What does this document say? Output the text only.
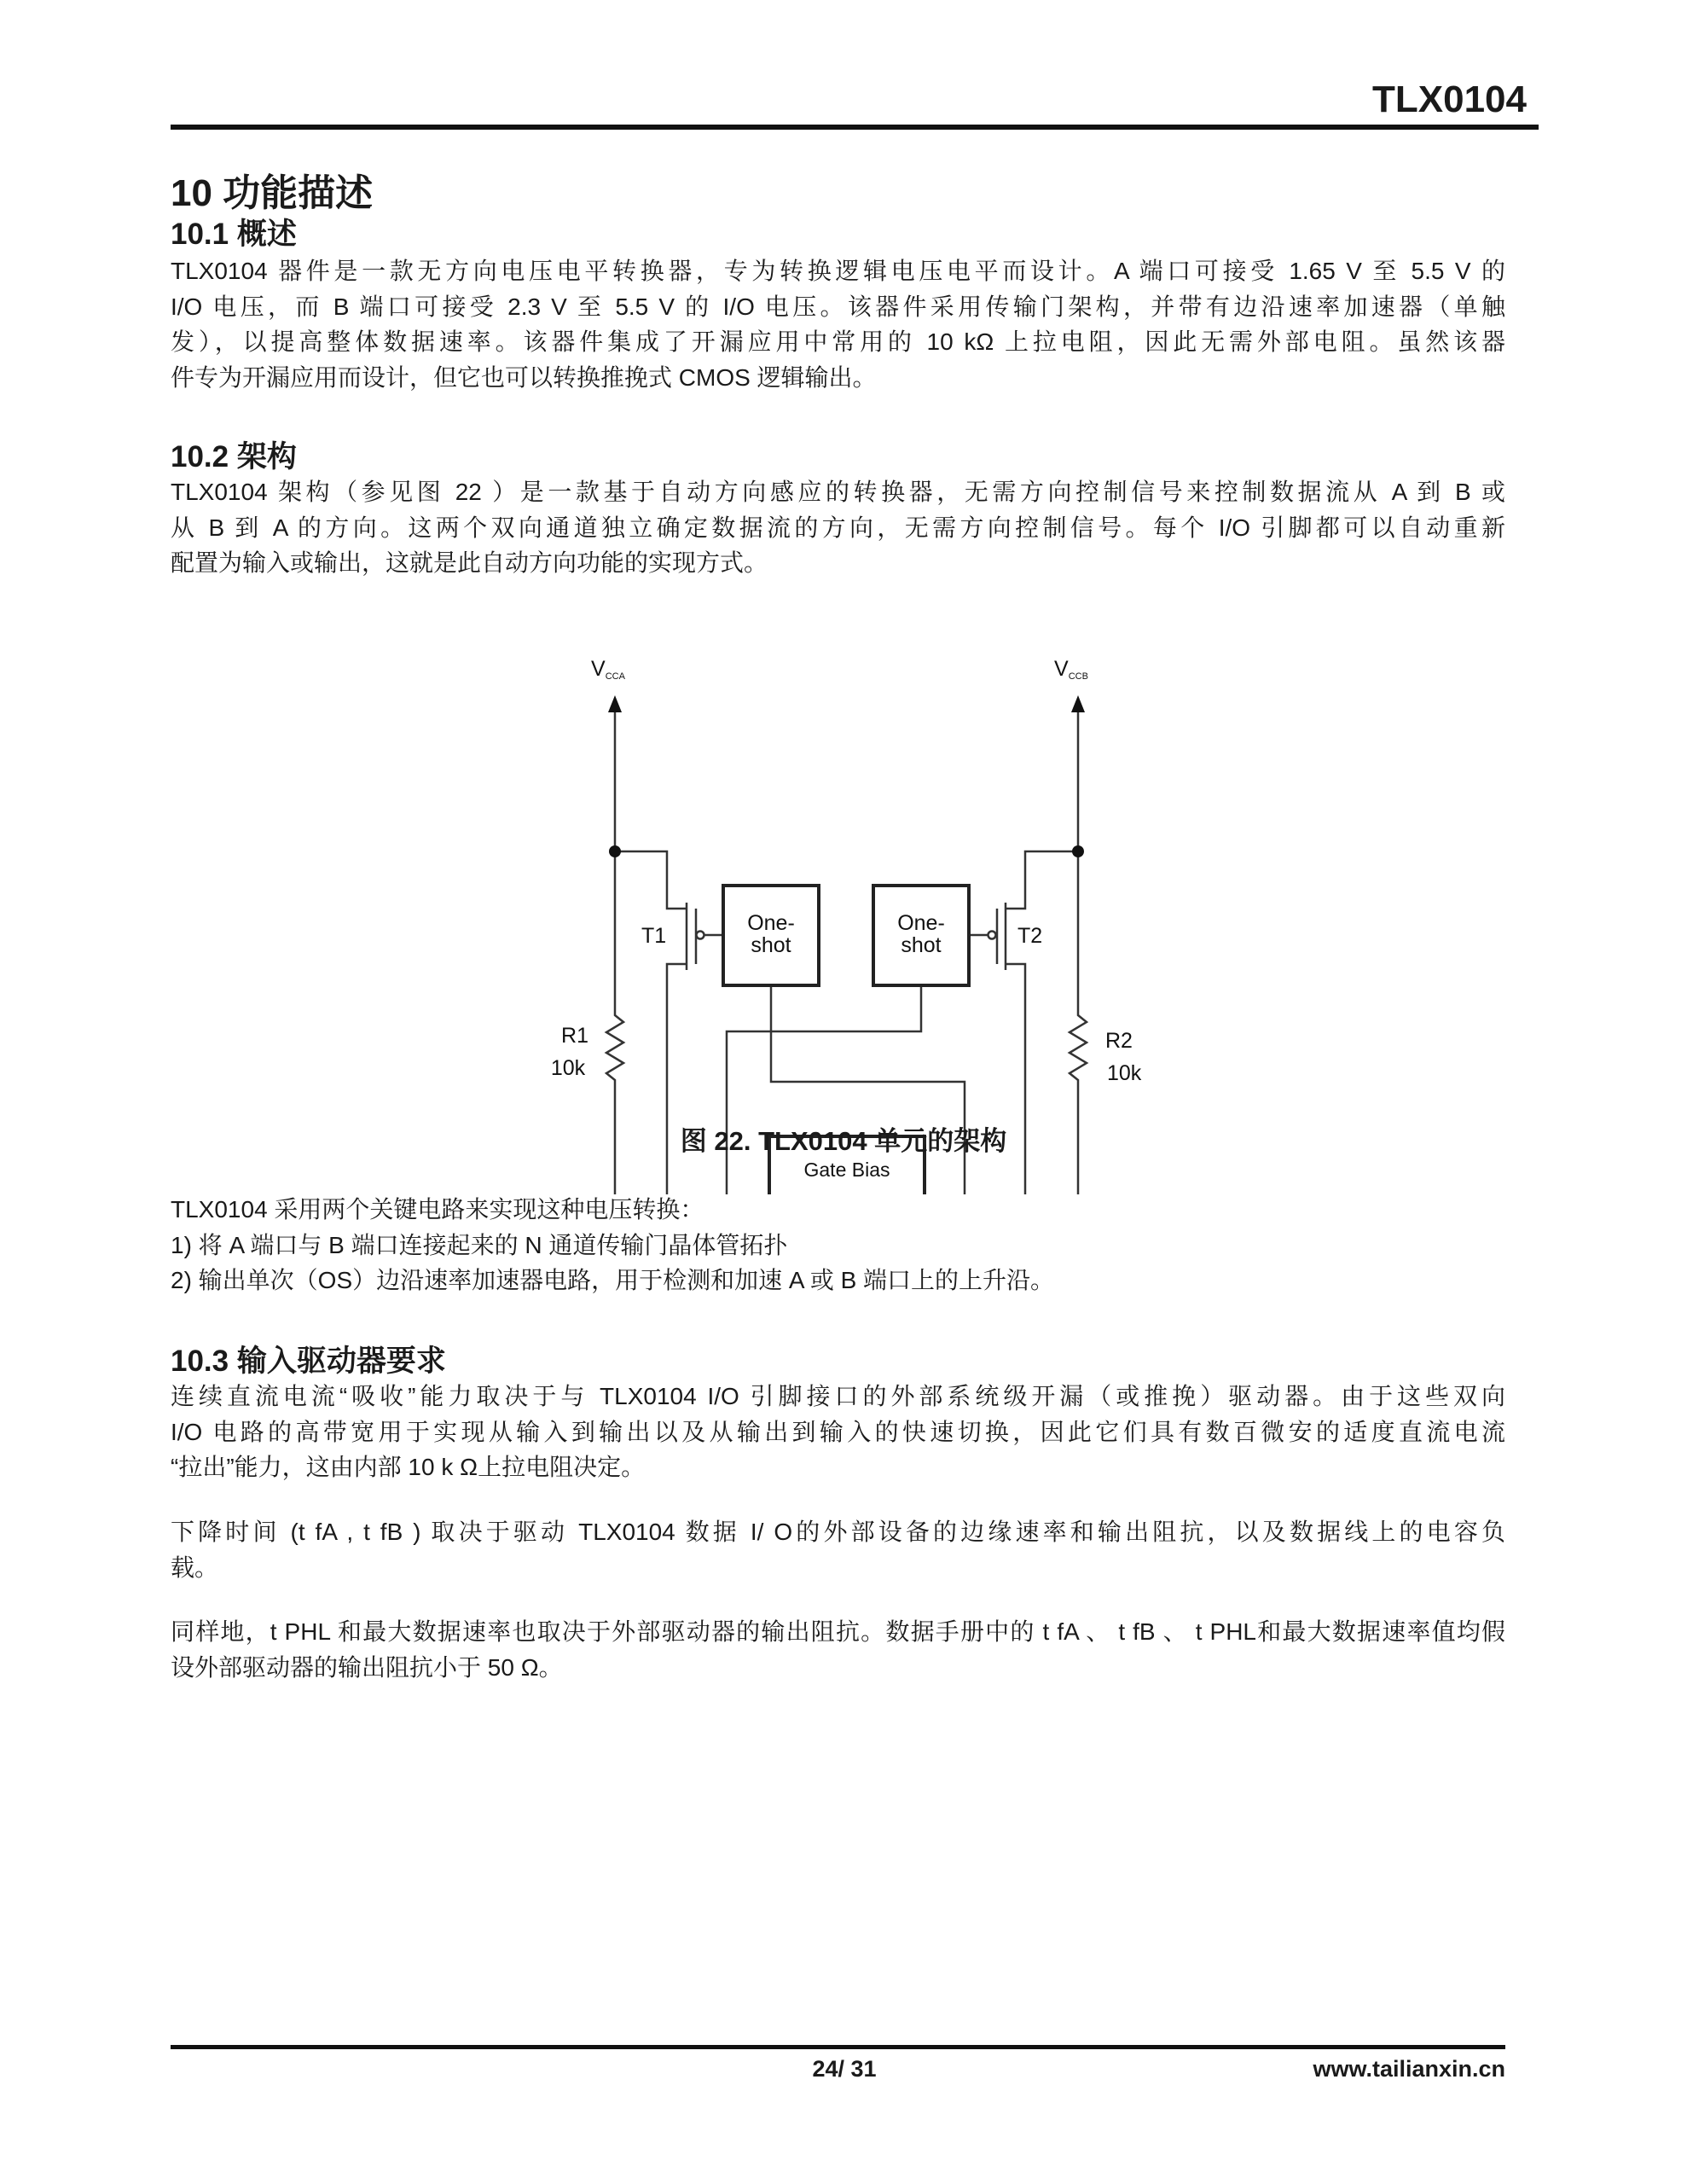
TLX0104
10 功能描述
10.1 概述
TLX0104 器件是一款无方向电压电平转换器，专为转换逻辑电压电平而设计。A 端口可接受 1.65 V 至 5.5 V 的
I/O 电压，而 B 端口可接受 2.3 V 至 5.5 V 的 I/O 电压。该器件采用传输门架构，并带有边沿速率加速器（单触
发），以提高整体数据速率。该器件集成了开漏应用中常用的 10 kΩ 上拉电阻，因此无需外部电阻。虽然该器
件专为开漏应用而设计，但它也可以转换推挽式 CMOS 逻辑输出。
10.2 架构
TLX0104 架构（参见图 22 ）是一款基于自动方向感应的转换器，无需方向控制信号来控制数据流从 A 到 B 或
从 B 到 A 的方向。这两个双向通道独立确定数据流的方向，无需方向控制信号。每个 I/O 引脚都可以自动重新
配置为输入或输出，这就是此自动方向功能的实现方式。
VCCA	VCCB
T1	T2
One-
shot
One-
shot
R1
10k
R2
10k
Gate Bias
图 22. TLX0104 单元的架构
TLX0104 采用两个关键电路来实现这种电压转换：
1) 将 A 端口与 B 端口连接起来的 N 通道传输门晶体管拓扑
2) 输出单次（OS）边沿速率加速器电路，用于检测和加速 A 或 B 端口上的上升沿。
10.3 输入驱动器要求
连续直流电流“吸收”能力取决于与 TLX0104 I/O 引脚接口的外部系统级开漏（或推挽）驱动器。由于这些双向
I/O 电路的高带宽用于实现从输入到输出以及从输出到输入的快速切换，因此它们具有数百微安的适度直流电流
“拉出”能力，这由内部 10 k Ω上拉电阻决定。
下降时间 (t fA , t fB ) 取决于驱动 TLX0104 数据 I/ O的外部设备的边缘速率和输出阻抗，以及数据线上的电容负
载。
同样地，t PHL 和最大数据速率也取决于外部驱动器的输出阻抗。数据手册中的 t fA 、 t fB 、 t PHL和最大数据速率值均假
设外部驱动器的输出阻抗小于 50 Ω。
24/ 31	www.tailianxin.cn
